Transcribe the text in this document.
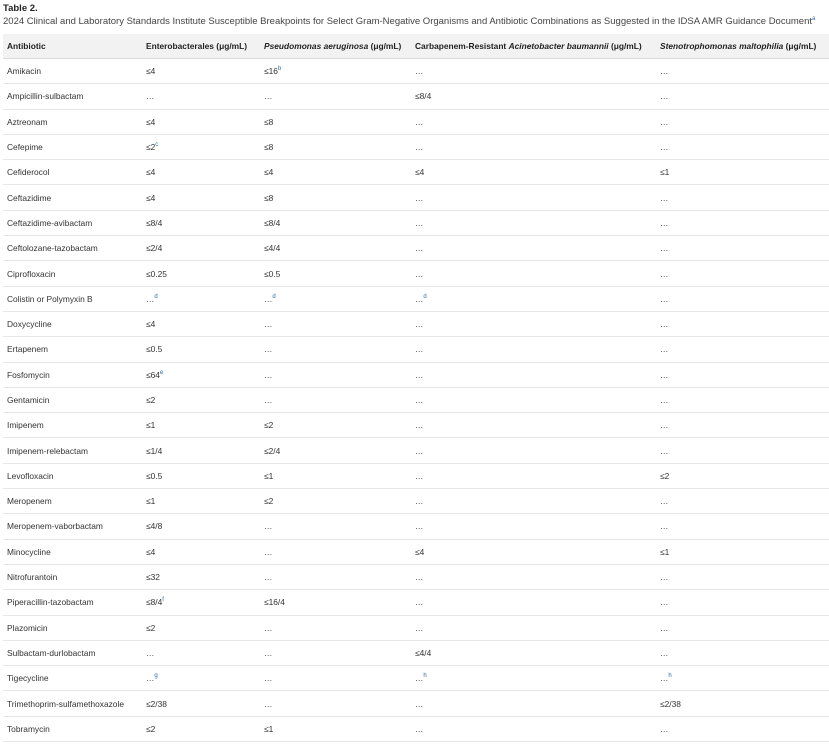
Table 2.
2024 Clinical and Laboratory Standards Institute Susceptible Breakpoints for Select Gram-Negative Organisms and Antibiotic Combinations as Suggested in the IDSA AMR Guidance Document$^a$
Antibiotic	Enterobacterales (μg/mL)	Pseudomonas aeruginosa (μg/mL)	Carbapenem-Resistant Acinetobacter baumannii (μg/mL)	Stenotrophomonas maltophilia (μg/mL)
Amikacin	≤4	$\le 16^b$	…	…
Ampicillin-sulbactam	…	…	≤8/4	…
Aztreonam	≤4	≤8	…	…
Cefepime	$\le 2^c$	≤8	…	…
Cefiderocol	≤4	≤4	≤4	≤1
Ceftazidime	≤4	≤8	…	…
Ceftazidime-avibactam	≤8/4	≤8/4	…	…
Ceftolozane-tazobactam	≤2/4	≤4/4	…	…
Ciprofloxacin	≤0.25	≤0.5	…	…
Colistin or Polymyxin B	…$^d$	…$^d$	…$^d$	…
Doxycycline	≤4	…	…	…
Ertapenem	≤0.5	…	…	…
Fosfomycin	$\le 64^e$	…	…	…
Gentamicin	≤2	…	…	…
Imipenem	≤1	≤2	…	…
Imipenem-relebactam	≤1/4	≤2/4	…	…
Levofloxacin	≤0.5	≤1	…	≤2
Meropenem	≤1	≤2	…	…
Meropenem-vaborbactam	≤4/8	…	…	…
Minocycline	≤4	…	≤4	≤1
Nitrofurantoin	≤32	…	…	…
Piperacillin-tazobactam	$\le 8/4^f$	≤16/4	…	…
Plazomicin	≤2	…	…	…
Sulbactam-durlobactam	…	…	≤4/4	…
Tigecycline	…$^g$	…	…$^h$	…$^h$
Trimethoprim-sulfamethoxazole	≤2/38	…	…	≤2/38
Tobramycin	≤2	≤1	…	…
